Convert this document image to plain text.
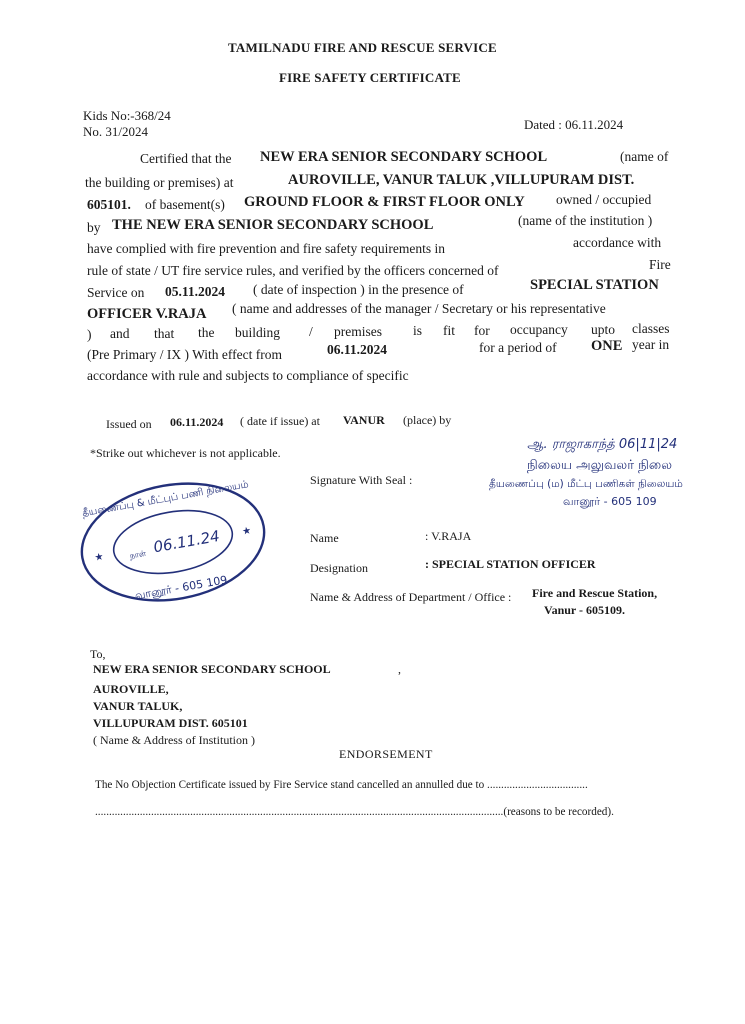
TAMILNADU FIRE AND RESCUE SERVICE
FIRE SAFETY CERTIFICATE
Kids No:-368/24
No. 31/2024	Dated : 06.11.2024
Certified that the NEW ERA SENIOR SECONDARY SCHOOL	(name of
the building or premises) at	AUROVILLE, VANUR TALUK ,VILLUPURAM DIST.
605101. of basement(s) GROUND FLOOR & FIRST FLOOR ONLY owned / occupied
by THE NEW ERA SENIOR SECONDARY SCHOOL	(name of the institution )
have complied with fire prevention and fire safety requirements in	accordance with
rule of state / UT fire service rules, and verified by the officers concerned of	Fire
Service on 05.11.2024 ( date of inspection ) in the presence of	SPECIAL STATION
OFFICER V.RAJA ( name and addresses of the manager / Secretary or his representative
) and that the building / premises is fit for occupancy upto classes
(Pre Primary / IX ) With effect from	06.11.2024	for a period of ONE year in
accordance with rule and subjects to compliance of specific
Issued on 06.11.2024 ( date if issue) at VANUR (place) by
*Strike out whichever is not applicable.
Signature With Seal :
ஆ. ராஜாகாந்த் 06|11|24
நிலைய அலுவலர் நிலை
தீயணைப்பு (ம) மீட்பு பணிகள் நிலையம்
வானூர் - 605 109
தீயணைப்பு & மீட்புப் பணி நிலையம்
வானூர் - 605 109
நாள் 06.11.24
★
★	Name	: V.RAJA
Designation	: SPECIAL STATION OFFICER
Name & Address of Department / Office : Fire and Rescue Station,
Vanur - 605109.
To,
NEW ERA SENIOR SECONDARY SCHOOL	,
AUROVILLE,
VANUR TALUK,
VILLUPURAM DIST. 605101
( Name & Address of Institution )
ENDORSEMENT
The No Objection Certificate issued by Fire Service stand cancelled an annulled due to ....................................
..................................................................................................................................................(reasons to be recorded).
